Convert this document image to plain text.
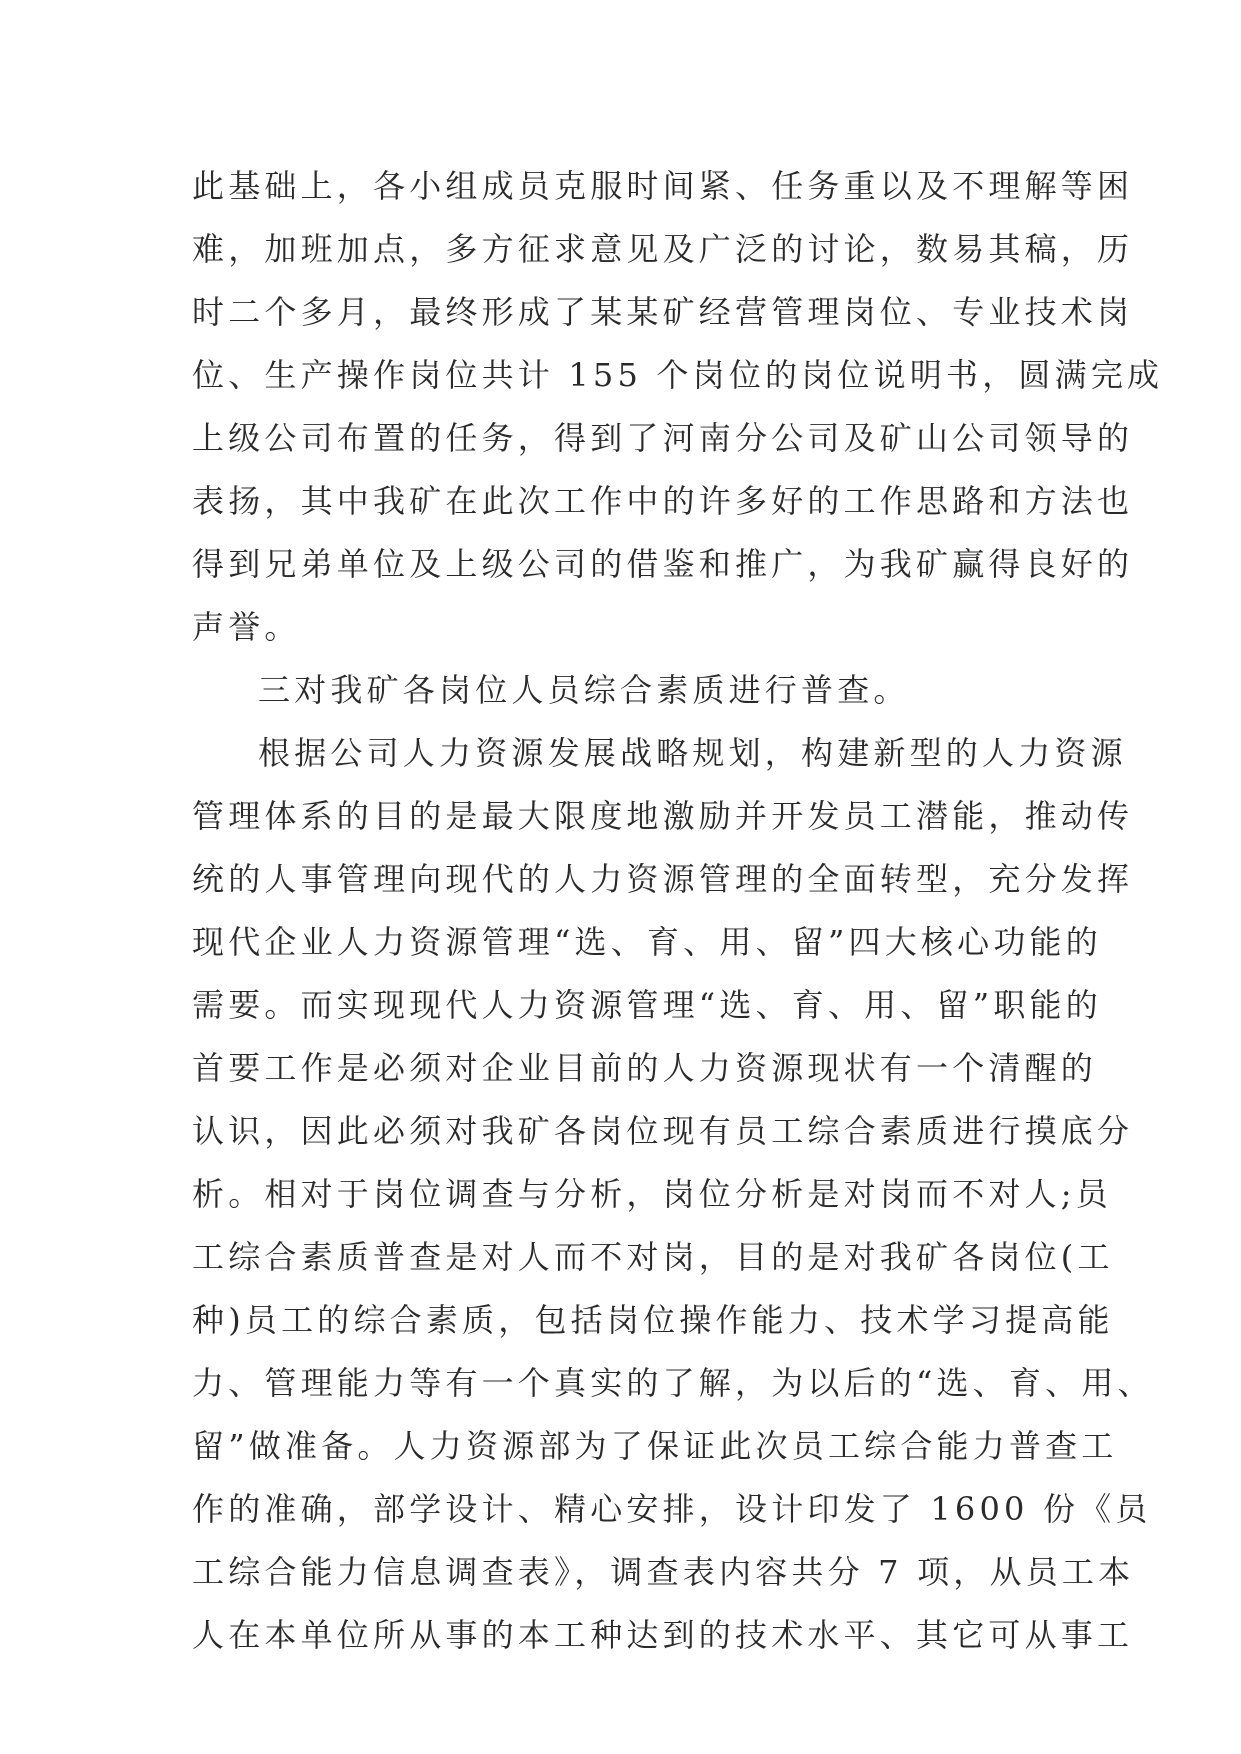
此基础上，各小组成员克服时间紧、任务重以及不理解等困
难，加班加点，多方征求意见及广泛的讨论，数易其稿，历
时二个多月，最终形成了某某矿经营管理岗位、专业技术岗
位、生产操作岗位共计 155 个岗位的岗位说明书，圆满完成
上级公司布置的任务，得到了河南分公司及矿山公司领导的
表扬，其中我矿在此次工作中的许多好的工作思路和方法也
得到兄弟单位及上级公司的借鉴和推广，为我矿赢得良好的
声誉。
三对我矿各岗位人员综合素质进行普查。
根据公司人力资源发展战略规划，构建新型的人力资源
管理体系的目的是最大限度地激励并开发员工潜能，推动传
统的人事管理向现代的人力资源管理的全面转型，充分发挥
现代企业人力资源管理“选、育、用、留”四大核心功能的
需要。而实现现代人力资源管理“选、育、用、留”职能的
首要工作是必须对企业目前的人力资源现状有一个清醒的
认识，因此必须对我矿各岗位现有员工综合素质进行摸底分
析。相对于岗位调查与分析，岗位分析是对岗而不对人;员
工综合素质普查是对人而不对岗，目的是对我矿各岗位(工
种)员工的综合素质，包括岗位操作能力、技术学习提高能
力、管理能力等有一个真实的了解，为以后的“选、育、用、
留”做准备。人力资源部为了保证此次员工综合能力普查工
作的准确，部学设计、精心安排，设计印发了 1600 份《员
工综合能力信息调查表》，调查表内容共分 7 项，从员工本
人在本单位所从事的本工种达到的技术水平、其它可从事工
